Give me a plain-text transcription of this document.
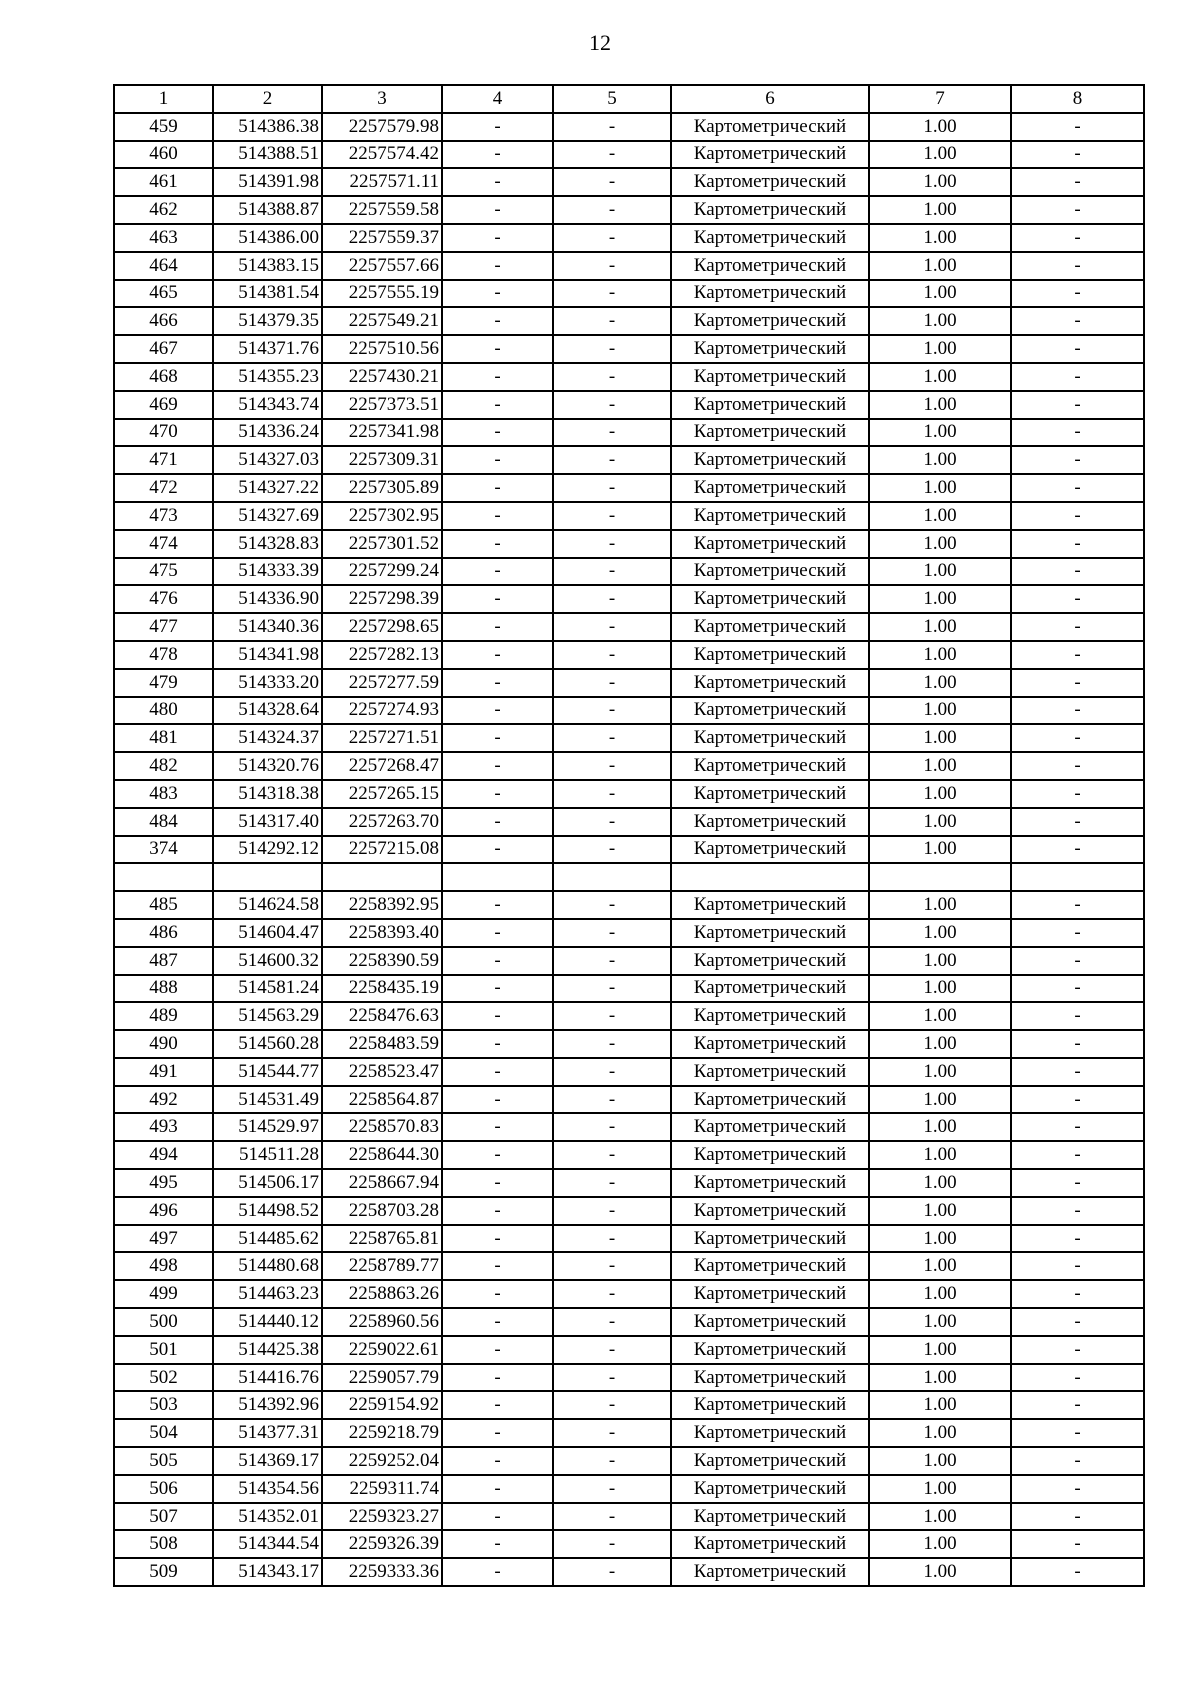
12
1	2	3	4	5	6	7	8
459	514386.38	2257579.98	-	-	Картометрический	1.00	-
460	514388.51	2257574.42	-	-	Картометрический	1.00	-
461	514391.98	2257571.11	-	-	Картометрический	1.00	-
462	514388.87	2257559.58	-	-	Картометрический	1.00	-
463	514386.00	2257559.37	-	-	Картометрический	1.00	-
464	514383.15	2257557.66	-	-	Картометрический	1.00	-
465	514381.54	2257555.19	-	-	Картометрический	1.00	-
466	514379.35	2257549.21	-	-	Картометрический	1.00	-
467	514371.76	2257510.56	-	-	Картометрический	1.00	-
468	514355.23	2257430.21	-	-	Картометрический	1.00	-
469	514343.74	2257373.51	-	-	Картометрический	1.00	-
470	514336.24	2257341.98	-	-	Картометрический	1.00	-
471	514327.03	2257309.31	-	-	Картометрический	1.00	-
472	514327.22	2257305.89	-	-	Картометрический	1.00	-
473	514327.69	2257302.95	-	-	Картометрический	1.00	-
474	514328.83	2257301.52	-	-	Картометрический	1.00	-
475	514333.39	2257299.24	-	-	Картометрический	1.00	-
476	514336.90	2257298.39	-	-	Картометрический	1.00	-
477	514340.36	2257298.65	-	-	Картометрический	1.00	-
478	514341.98	2257282.13	-	-	Картометрический	1.00	-
479	514333.20	2257277.59	-	-	Картометрический	1.00	-
480	514328.64	2257274.93	-	-	Картометрический	1.00	-
481	514324.37	2257271.51	-	-	Картометрический	1.00	-
482	514320.76	2257268.47	-	-	Картометрический	1.00	-
483	514318.38	2257265.15	-	-	Картометрический	1.00	-
484	514317.40	2257263.70	-	-	Картометрический	1.00	-
374	514292.12	2257215.08	-	-	Картометрический	1.00	-

485	514624.58	2258392.95	-	-	Картометрический	1.00	-
486	514604.47	2258393.40	-	-	Картометрический	1.00	-
487	514600.32	2258390.59	-	-	Картометрический	1.00	-
488	514581.24	2258435.19	-	-	Картометрический	1.00	-
489	514563.29	2258476.63	-	-	Картометрический	1.00	-
490	514560.28	2258483.59	-	-	Картометрический	1.00	-
491	514544.77	2258523.47	-	-	Картометрический	1.00	-
492	514531.49	2258564.87	-	-	Картометрический	1.00	-
493	514529.97	2258570.83	-	-	Картометрический	1.00	-
494	514511.28	2258644.30	-	-	Картометрический	1.00	-
495	514506.17	2258667.94	-	-	Картометрический	1.00	-
496	514498.52	2258703.28	-	-	Картометрический	1.00	-
497	514485.62	2258765.81	-	-	Картометрический	1.00	-
498	514480.68	2258789.77	-	-	Картометрический	1.00	-
499	514463.23	2258863.26	-	-	Картометрический	1.00	-
500	514440.12	2258960.56	-	-	Картометрический	1.00	-
501	514425.38	2259022.61	-	-	Картометрический	1.00	-
502	514416.76	2259057.79	-	-	Картометрический	1.00	-
503	514392.96	2259154.92	-	-	Картометрический	1.00	-
504	514377.31	2259218.79	-	-	Картометрический	1.00	-
505	514369.17	2259252.04	-	-	Картометрический	1.00	-
506	514354.56	2259311.74	-	-	Картометрический	1.00	-
507	514352.01	2259323.27	-	-	Картометрический	1.00	-
508	514344.54	2259326.39	-	-	Картометрический	1.00	-
509	514343.17	2259333.36	-	-	Картометрический	1.00	-
